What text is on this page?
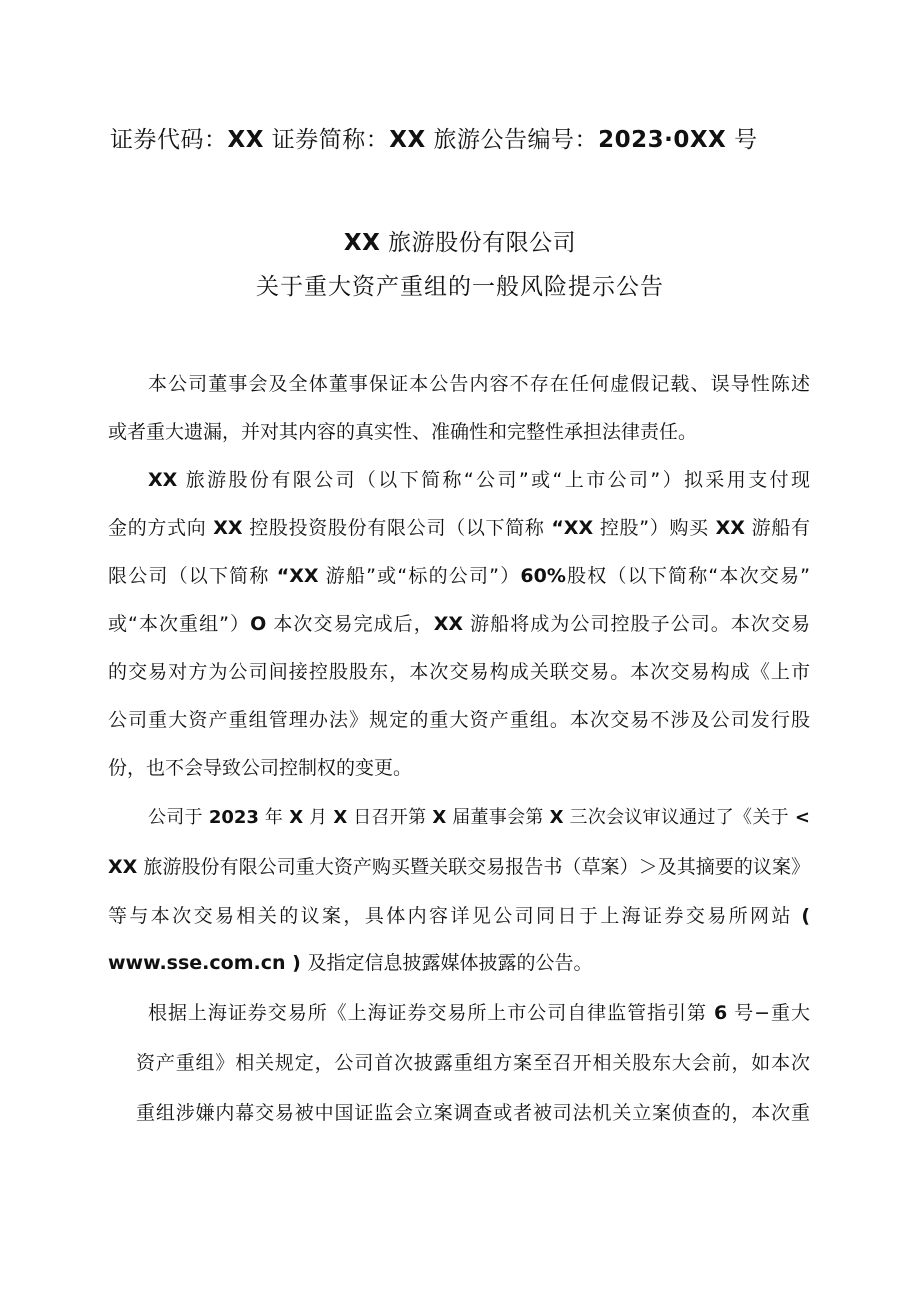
证券代码：XX 证券简称：XX 旅游公告编号：2023·0XX 号
XX 旅游股份有限公司
关于重大资产重组的一般风险提示公告
本公司董事会及全体董事保证本公告内容不存在任何虚假记载、误导性陈述
或者重大遗漏，并对其内容的真实性、准确性和完整性承担法律责任。
XX 旅游股份有限公司（以下简称“公司”或“上市公司”）拟采用支付现
金的方式向 XX 控股投资股份有限公司（以下简称 “XX 控股”）购买 XX 游船有
限公司（以下简称 “XX 游船”或“标的公司”）60%股权（以下简称“本次交易”
或“本次重组”）O 本次交易完成后，XX 游船将成为公司控股子公司。本次交易
的交易对方为公司间接控股股东，本次交易构成关联交易。本次交易构成《上市
公司重大资产重组管理办法》规定的重大资产重组。本次交易不涉及公司发行股
份，也不会导致公司控制权的变更。
公司于 2023 年 X 月 X 日召开第 X 届董事会第 X 三次会议审议通过了《关于 <
XX 旅游股份有限公司重大资产购买暨关联交易报告书（草案）＞及其摘要的议案》
等与本次交易相关的议案，具体内容详见公司同日于上海证券交易所网站 (
www.sse.com.cn ) 及指定信息披露媒体披露的公告。
根据上海证券交易所《上海证券交易所上市公司自律监管指引第 6 号−重大
资产重组》相关规定，公司首次披露重组方案至召开相关股东大会前，如本次
重组涉嫌内幕交易被中国证监会立案调查或者被司法机关立案侦查的，本次重
